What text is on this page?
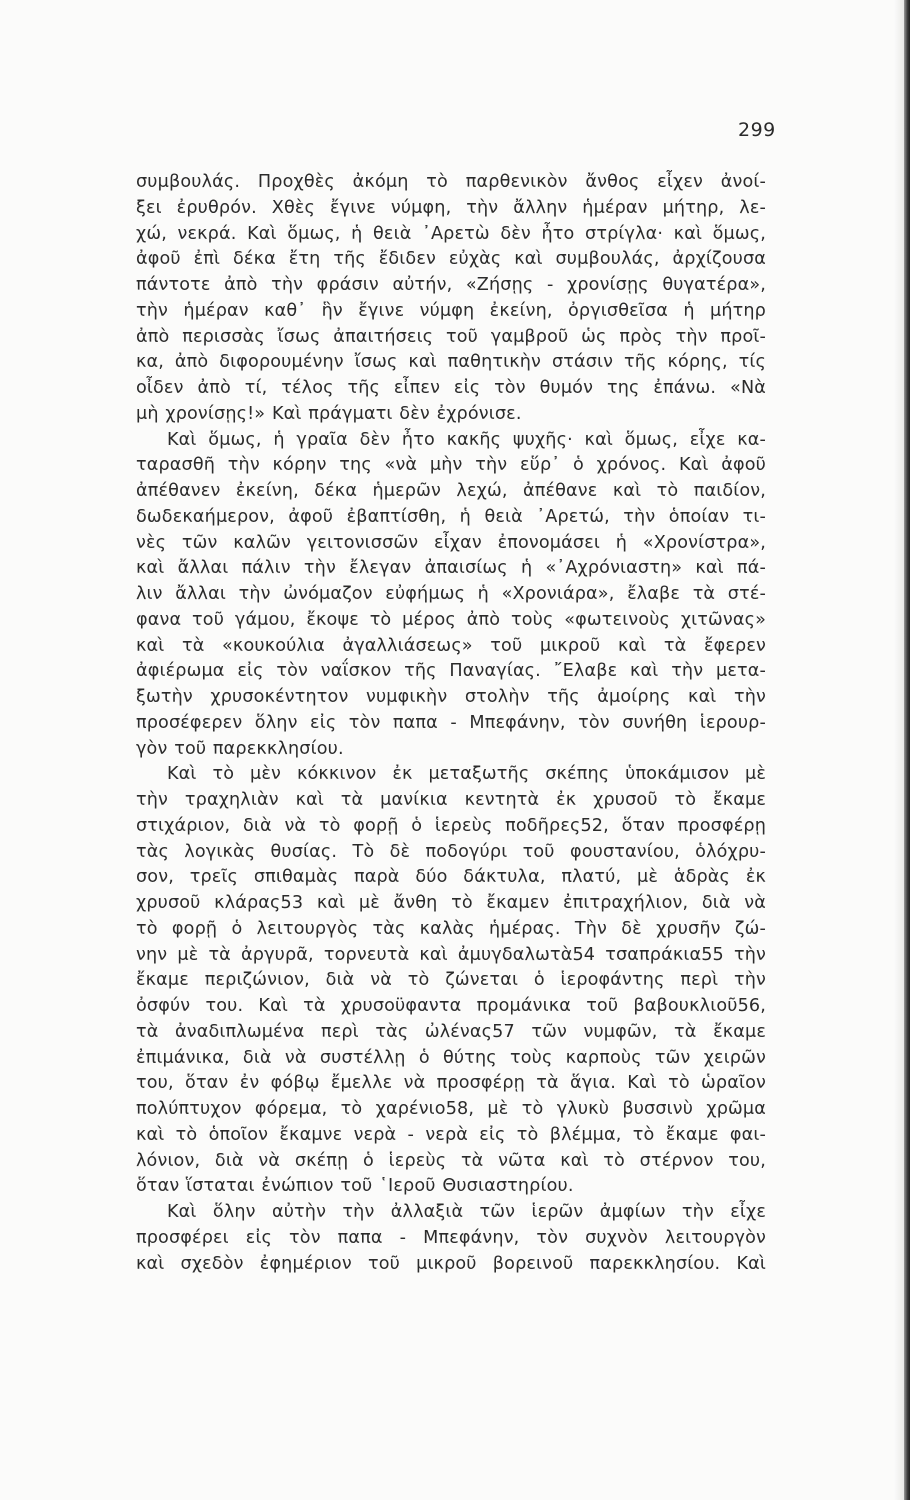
299
συμβουλάς. Προχθὲς ἀκόμη τὸ παρθενικὸν ἄνθος εἶχεν ἀνοί-
ξει ἐρυθρόν. Χθὲς ἔγινε νύμφη, τὴν ἄλλην ἡμέραν μήτηρ, λε-
χώ, νεκρά. Καὶ ὅμως, ἡ θειὰ ᾿Αρετὼ δὲν ἦτο στρίγλα· καὶ ὅμως,
ἀφοῦ ἐπὶ δέκα ἔτη τῆς ἔδιδεν εὐχὰς καὶ συμβουλάς, ἀρχίζουσα
πάντοτε ἀπὸ τὴν φράσιν αὐτήν, «Ζήσῃς - χρονίσῃς θυγατέρα»,
τὴν ἡμέραν καθ᾿ ἣν ἔγινε νύμφη ἐκείνη, ὀργισθεῖσα ἡ μήτηρ
ἀπὸ περισσὰς ἴσως ἀπαιτήσεις τοῦ γαμβροῦ ὡς πρὸς τὴν προῖ-
κα, ἀπὸ διφορουμένην ἴσως καὶ παθητικὴν στάσιν τῆς κόρης, τίς
οἶδεν ἀπὸ τί, τέλος τῆς εἶπεν εἰς τὸν θυμόν της ἐπάνω. «Νὰ
μὴ χρονίσῃς!» Καὶ πράγματι δὲν ἐχρόνισε.
Καὶ ὅμως, ἡ γραῖα δὲν ἦτο κακῆς ψυχῆς· καὶ ὅμως, εἶχε κα-
ταρασθῆ τὴν κόρην της «νὰ μὴν τὴν εὕρ᾿ ὁ χρόνος. Καὶ ἀφοῦ
ἀπέθανεν ἐκείνη, δέκα ἡμερῶν λεχώ, ἀπέθανε καὶ τὸ παιδίον,
δωδεκαήμερον, ἀφοῦ ἐβαπτίσθη, ἡ θειὰ ᾿Αρετώ, τὴν ὁποίαν τι-
νὲς τῶν καλῶν γειτονισσῶν εἶχαν ἐπονομάσει ἡ «Χρονίστρα»,
καὶ ἄλλαι πάλιν τὴν ἔλεγαν ἀπαισίως ἡ «᾿Αχρόνιαστη» καὶ πά-
λιν ἄλλαι τὴν ὠνόμαζον εὐφήμως ἡ «Χρονιάρα», ἔλαβε τὰ στέ-
φανα τοῦ γάμου, ἔκοψε τὸ μέρος ἀπὸ τοὺς «φωτεινοὺς χιτῶνας»
καὶ τὰ «κουκούλια ἀγαλλιάσεως» τοῦ μικροῦ καὶ τὰ ἔφερεν
ἀφιέρωμα εἰς τὸν ναΐσκον τῆς Παναγίας. ῎Ελαβε καὶ τὴν μετα-
ξωτὴν χρυσοκέντητον νυμφικὴν στολὴν τῆς ἀμοίρης καὶ τὴν
προσέφερεν ὅλην εἰς τὸν παπα - Μπεφάνην, τὸν συνήθη ἱερουρ-
γὸν τοῦ παρεκκλησίου.
Καὶ τὸ μὲν κόκκινον ἐκ μεταξωτῆς σκέπης ὑποκάμισον μὲ
τὴν τραχηλιὰν καὶ τὰ μανίκια κεντητὰ ἐκ χρυσοῦ τὸ ἔκαμε
στιχάριον, διὰ νὰ τὸ φορῇ ὁ ἱερεὺς ποδῆρες52, ὅταν προσφέρῃ
τὰς λογικὰς θυσίας. Τὸ δὲ ποδογύρι τοῦ φουστανίου, ὁλόχρυ-
σον, τρεῖς σπιθαμὰς παρὰ δύο δάκτυλα, πλατύ, μὲ ἁδρὰς ἐκ
χρυσοῦ κλάρας53 καὶ μὲ ἄνθη τὸ ἔκαμεν ἐπιτραχήλιον, διὰ νὰ
τὸ φορῇ ὁ λειτουργὸς τὰς καλὰς ἡμέρας. Τὴν δὲ χρυσῆν ζώ-
νην μὲ τὰ ἀργυρᾶ, τορνευτὰ καὶ ἀμυγδαλωτὰ54 τσαπράκια55 τὴν
ἔκαμε περιζώνιον, διὰ νὰ τὸ ζώνεται ὁ ἱεροφάντης περὶ τὴν
ὀσφύν του. Καὶ τὰ χρυσοϋφαντα προμάνικα τοῦ βαβουκλιοῦ56,
τὰ ἀναδιπλωμένα περὶ τὰς ὠλένας57 τῶν νυμφῶν, τὰ ἔκαμε
ἐπιμάνικα, διὰ νὰ συστέλλῃ ὁ θύτης τοὺς καρποὺς τῶν χειρῶν
του, ὅταν ἐν φόβῳ ἔμελλε νὰ προσφέρῃ τὰ ἅγια. Καὶ τὸ ὡραῖον
πολύπτυχον φόρεμα, τὸ χαρένιο58, μὲ τὸ γλυκὺ βυσσινὺ χρῶμα
καὶ τὸ ὁποῖον ἔκαμνε νερὰ - νερὰ εἰς τὸ βλέμμα, τὸ ἔκαμε φαι-
λόνιον, διὰ νὰ σκέπῃ ὁ ἱερεὺς τὰ νῶτα καὶ τὸ στέρνον του,
ὅταν ἵσταται ἐνώπιον τοῦ ῾Ιεροῦ Θυσιαστηρίου.
Καὶ ὅλην αὐτὴν τὴν ἀλλαξιὰ τῶν ἱερῶν ἀμφίων τὴν εἶχε
προσφέρει εἰς τὸν παπα - Μπεφάνην, τὸν συχνὸν λειτουργὸν
καὶ σχεδὸν ἐφημέριον τοῦ μικροῦ βορεινοῦ παρεκκλησίου. Καὶ
